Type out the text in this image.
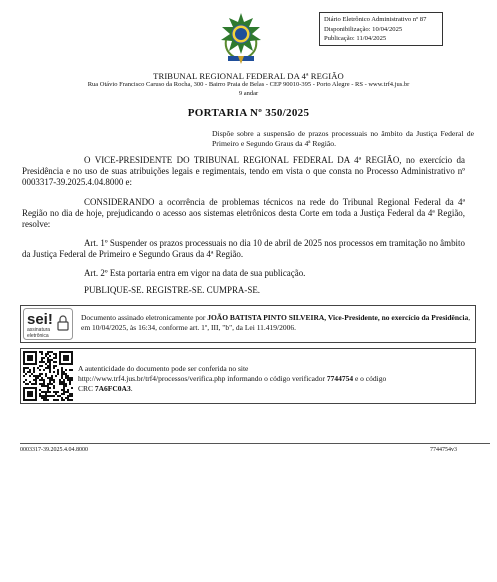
Diário Eletrônico Administrativo nº 87
Disponibilização: 10/04/2025
Publicação: 11/04/2025
TRIBUNAL REGIONAL FEDERAL DA 4ª REGIÃO
Rua Otávio Francisco Caruso da Rocha, 300 - Bairro Praia de Belas - CEP 90010-395 - Porto Alegre - RS - www.trf4.jus.br
9 andar
PORTARIA Nº 350/2025
Dispõe sobre a suspensão de prazos processuais no âmbito da Justiça Federal de Primeiro e Segundo Graus da 4ª Região.
O VICE-PRESIDENTE DO TRIBUNAL REGIONAL FEDERAL DA 4ª REGIÃO, no exercício da Presidência e no uso de suas atribuições legais e regimentais, tendo em vista o que consta no Processo Administrativo nº 0003317-39.2025.4.04.8000 e:
CONSIDERANDO a ocorrência de problemas técnicos na rede do Tribunal Regional Federal da 4ª Região no dia de hoje, prejudicando o acesso aos sistemas eletrônicos desta Corte em toda a Justiça Federal da 4ª Região, resolve:
Art. 1º Suspender os prazos processuais no dia 10 de abril de 2025 nos processos em tramitação no âmbito da Justiça Federal de Primeiro e Segundo Graus da 4ª Região.
Art. 2º Esta portaria entra em vigor na data de sua publicação.
PUBLIQUE-SE. REGISTRE-SE. CUMPRA-SE.
sei!
assinatura
eletrônica
Documento assinado eletronicamente por JOÃO BATISTA PINTO SILVEIRA, Vice-Presidente, no exercício da Presidência, em 10/04/2025, às 16:34, conforme art. 1º, III, "b", da Lei 11.419/2006.
A autenticidade do documento pode ser conferida no site
http://www.trf4.jus.br/trf4/processos/verifica.php informando o código verificador 7744754 e o código
CRC 7A6FC0A3.
0003317-39.2025.4.04.8000	7744754v3
